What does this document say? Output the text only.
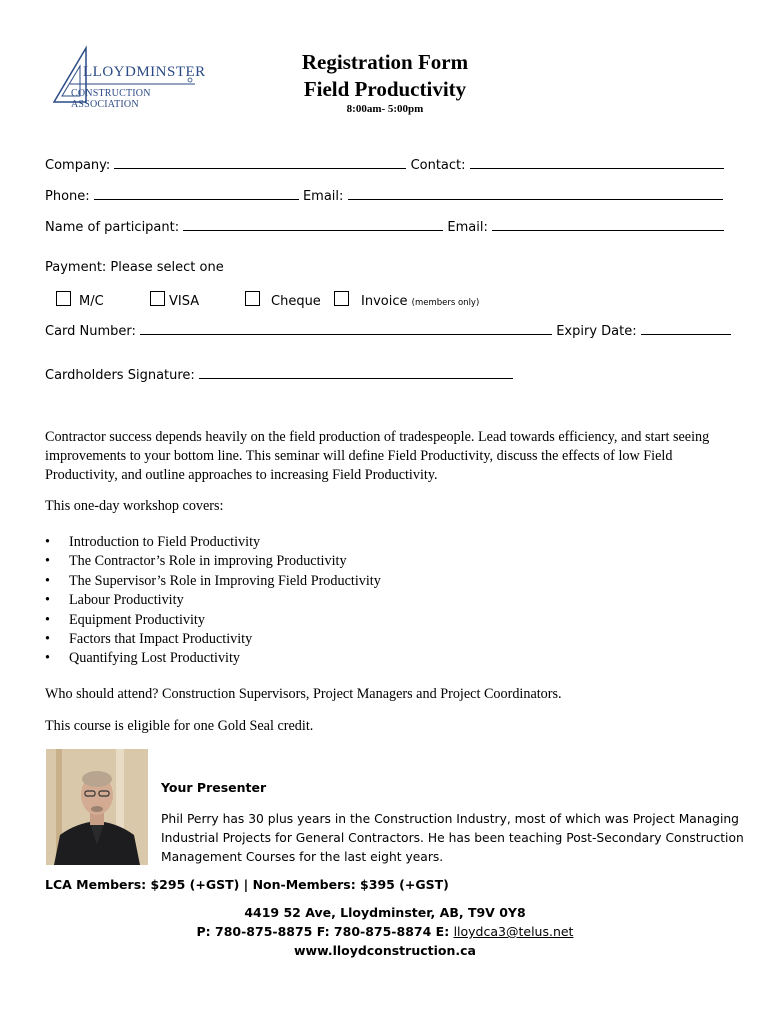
LLOYDMINSTER
CONSTRUCTION ASSOCIATION
Registration Form
Field Productivity
8:00am- 5:00pm
Company:	Contact:
Phone:	Email:
Name of participant:	Email:
Payment: Please select one
M/C	VISA	Cheque	Invoice (members only)
Card Number:	Expiry Date:
Cardholders Signature:
Contractor success depends heavily on the field production of tradespeople. Lead towards efficiency, and start seeing improvements to your bottom line. This seminar will define Field Productivity, discuss the effects of low Field Productivity, and outline approaches to increasing Field Productivity.
This one-day workshop covers:
• Introduction to Field Productivity
• The Contractor’s Role in improving Productivity
• The Supervisor’s Role in Improving Field Productivity
• Labour Productivity
• Equipment Productivity
• Factors that Impact Productivity
• Quantifying Lost Productivity
Who should attend? Construction Supervisors, Project Managers and Project Coordinators.
This course is eligible for one Gold Seal credit.
Your Presenter
Phil Perry has 30 plus years in the Construction Industry, most of which was Project Managing
Industrial Projects for General Contractors. He has been teaching Post-Secondary Construction
Management Courses for the last eight years.
LCA Members: $295 (+GST) | Non-Members: $395 (+GST)
4419 52 Ave, Lloydminster, AB, T9V 0Y8
P: 780-875-8875 F: 780-875-8874 E: lloydca3@telus.net
www.lloydconstruction.ca
